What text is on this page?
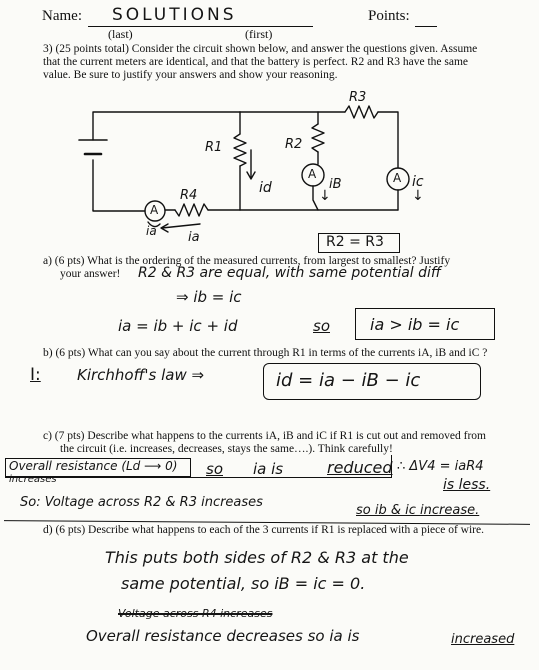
Name: SOLUTIONS	Points:
(last)	(first)
3) (25 points total) Consider the circuit shown below, and answer the questions given. Assume
that the current meters are identical, and that the battery is perfect. R2 and R3 have the same
value. Be sure to justify your answers and show your reasoning.
R1	R2
R3
R4
A
A	A
id	iB
↓
ic
↓
ia ia	R2 = R3
a) (6 pts) What is the ordering of the measured currents, from largest to smallest? Justify
your answer! R2 & R3 are equal, with same potential diff
⇒ ib = ic
ia = ib + ic + id	so	ia > ib = ic
b) (6 pts) What can you say about the current through R1 in terms of the currents iA, iB and iC ?
I: Kirchhoff's law ⇒	id = ia − iB − ic
c) (7 pts) Describe what happens to the currents iA, iB and iC if R1 is cut out and removed from
the circuit (i.e. increases, decreases, stays the same….). Think carefully!
Overall resistance (Ld ⟶ 0)
increases
so ia is	reduced ∴ ΔV4 = iaR4
is less.
So: Voltage across R2 & R3 increases
so ib & ic increase.
d) (6 pts) Describe what happens to each of the 3 currents if R1 is replaced with a piece of wire.
This puts both sides of R2 & R3 at the
same potential, so iB = ic = 0.
Voltage across R4 increases
Overall resistance decreases so ia is	increased
